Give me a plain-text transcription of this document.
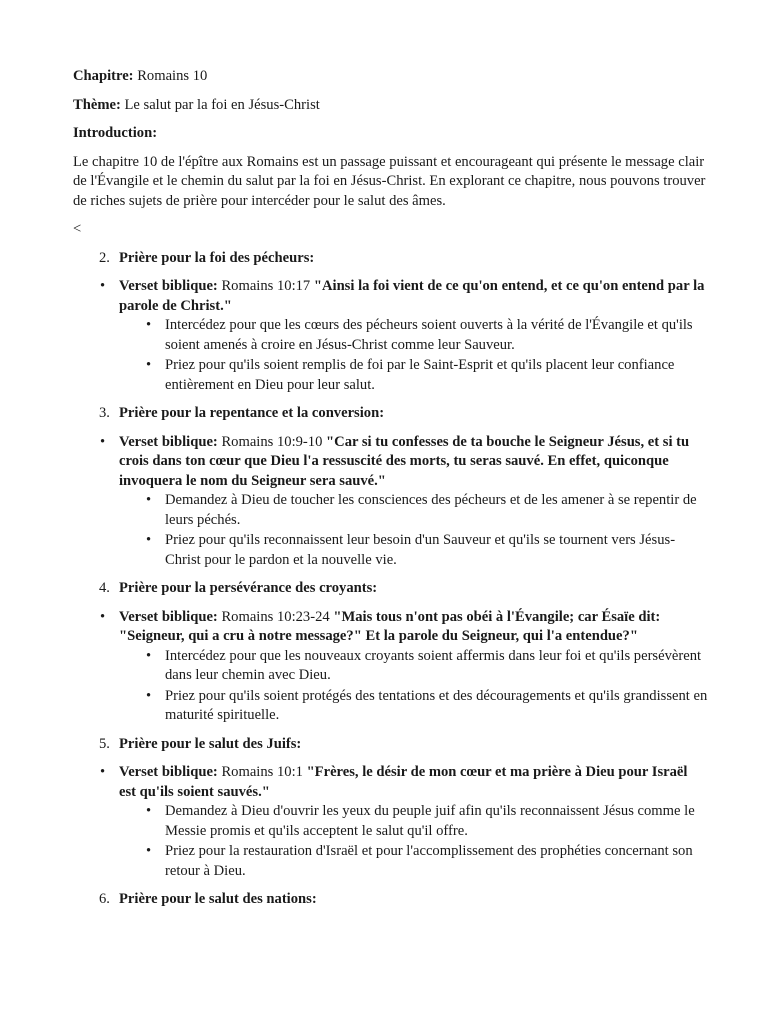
Chapitre: Romains 10

Thème: Le salut par la foi en Jésus-Christ

Introduction:

Le chapitre 10 de l'épître aux Romains est un passage puissant et encourageant qui présente le message clair de l'Évangile et le chemin du salut par la foi en Jésus-Christ. En explorant ce chapitre, nous pouvons trouver de riches sujets de prière pour intercéder pour le salut des âmes.

<

2. Prière pour la foi des pécheurs:

• Verset biblique: Romains 10:17 "Ainsi la foi vient de ce qu'on entend, et ce qu'on entend par la parole de Christ."

• Intercédez pour que les cœurs des pécheurs soient ouverts à la vérité de l'Évangile et qu'ils soient amenés à croire en Jésus-Christ comme leur Sauveur.
• Priez pour qu'ils soient remplis de foi par le Saint-Esprit et qu'ils placent leur confiance entièrement en Dieu pour leur salut.

3. Prière pour la repentance et la conversion:

• Verset biblique: Romains 10:9-10 "Car si tu confesses de ta bouche le Seigneur Jésus, et si tu crois dans ton cœur que Dieu l'a ressuscité des morts, tu seras sauvé. En effet, quiconque invoquera le nom du Seigneur sera sauvé."

• Demandez à Dieu de toucher les consciences des pécheurs et de les amener à se repentir de leurs péchés.
• Priez pour qu'ils reconnaissent leur besoin d'un Sauveur et qu'ils se tournent vers Jésus-Christ pour le pardon et la nouvelle vie.

4. Prière pour la persévérance des croyants:

• Verset biblique: Romains 10:23-24 "Mais tous n'ont pas obéi à l'Évangile; car Ésaïe dit: "Seigneur, qui a cru à notre message?" Et la parole du Seigneur, qui l'a entendue?"

• Intercédez pour que les nouveaux croyants soient affermis dans leur foi et qu'ils persévèrent dans leur chemin avec Dieu.
• Priez pour qu'ils soient protégés des tentations et des découragements et qu'ils grandissent en maturité spirituelle.

5. Prière pour le salut des Juifs:

• Verset biblique: Romains 10:1 "Frères, le désir de mon cœur et ma prière à Dieu pour Israël est qu'ils soient sauvés."

• Demandez à Dieu d'ouvrir les yeux du peuple juif afin qu'ils reconnaissent Jésus comme le Messie promis et qu'ils acceptent le salut qu'il offre.
• Priez pour la restauration d'Israël et pour l'accomplissement des prophéties concernant son retour à Dieu.

6. Prière pour le salut des nations:
